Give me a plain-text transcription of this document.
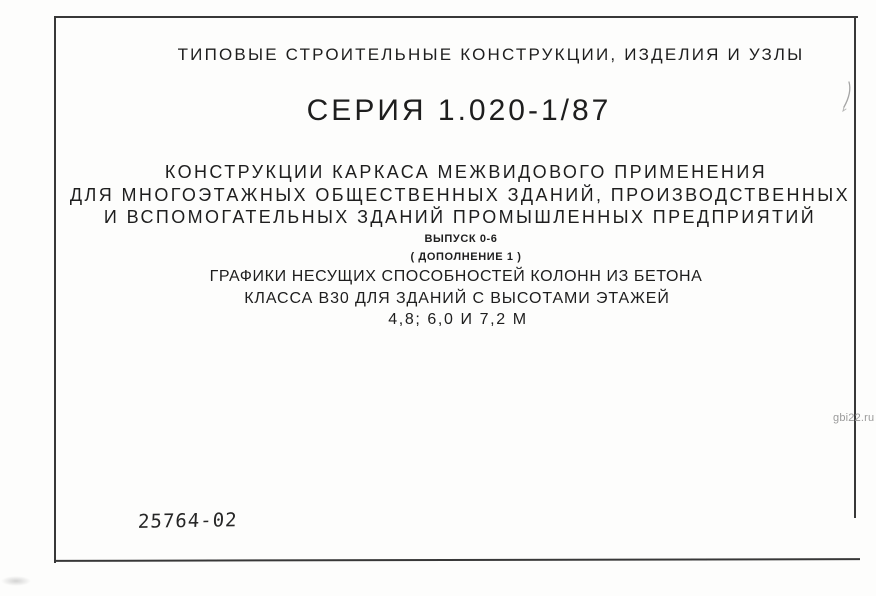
ТИПОВЫЕ СТРОИТЕЛЬНЫЕ КОНСТРУКЦИИ, ИЗДЕЛИЯ И УЗЛЫ
СЕРИЯ 1.020-1/87
КОНСТРУКЦИИ КАРКАСА МЕЖВИДОВОГО ПРИМЕНЕНИЯ
ДЛЯ МНОГОЭТАЖНЫХ ОБЩЕСТВЕННЫХ ЗДАНИЙ, ПРОИЗВОДСТВЕННЫХ
И ВСПОМОГАТЕЛЬНЫХ ЗДАНИЙ ПРОМЫШЛЕННЫХ ПРЕДПРИЯТИЙ
ВЫПУСК 0-6
( ДОПОЛНЕНИЕ 1 )
ГРАФИКИ НЕСУЩИХ СПОСОБНОСТЕЙ КОЛОНН ИЗ БЕТОНА
КЛАССА В30 ДЛЯ ЗДАНИЙ С ВЫСОТАМИ ЭТАЖЕЙ
4,8; 6,0 И 7,2 М
25764-02
gbi22.ru
